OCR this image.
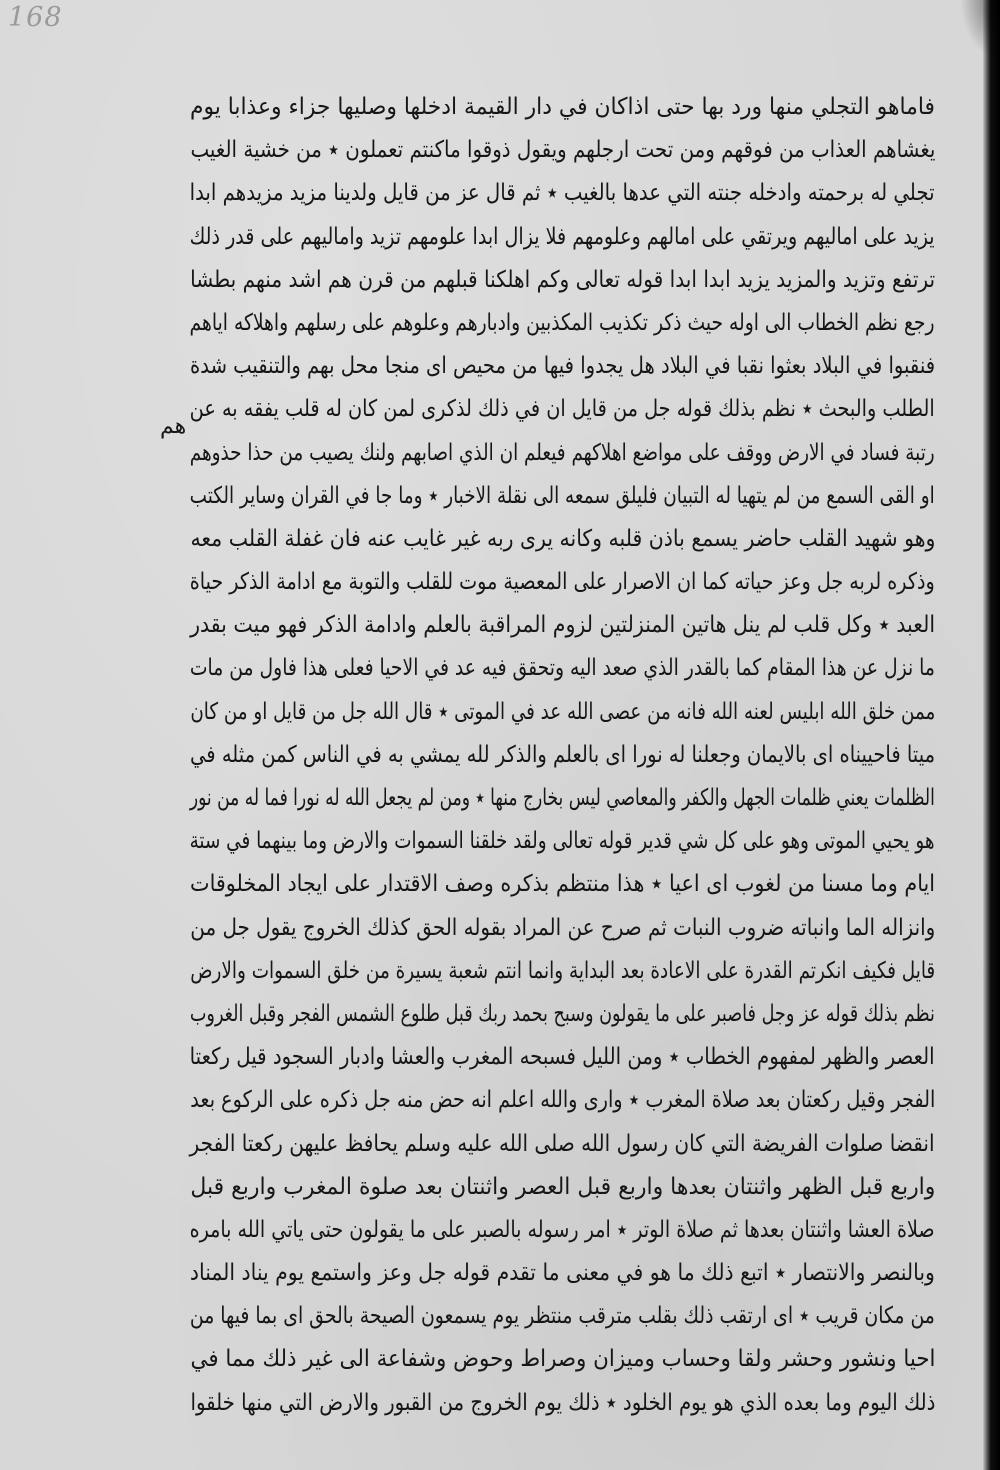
168
هم
فاماهو التجلي منها ورد بها حتى اذاكان في دار القيمة ادخلها وصليها جزاء وعذابا يوم
يغشاهم العذاب من فوقهم ومن تحت ارجلهم ويقول ذوقوا ماكنتم تعملون ٭ من خشية الغيب
تجلي له برحمته وادخله جنته التي عدها بالغيب ٭ ثم قال عز من قايل ولدينا مزيد مزيدهم ابدا
يزيد على اماليهم ويرتقي على امالهم وعلومهم فلا يزال ابدا علومهم تزيد واماليهم على قدر ذلك
ترتفع وتزيد والمزيد يزيد ابدا ابدا قوله تعالى وكم اهلكنا قبلهم من قرن هم اشد منهم بطشا
رجع نظم الخطاب الى اوله حيث ذكر تكذيب المكذبين وادبارهم وعلوهم على رسلهم واهلاكه اياهم
فنقبوا في البلاد بعثوا نقبا في البلاد هل يجدوا فيها من محيص اى منجا محل بهم والتنقيب شدة
الطلب والبحث ٭ نظم بذلك قوله جل من قايل ان في ذلك لذكرى لمن كان له قلب يفقه به عن
رتبة فساد في الارض ووقف على مواضع اهلاكهم فيعلم ان الذي اصابهم ولنك يصيب من حذا حذوهم
او القى السمع من لم يتهيا له التبيان فليلق سمعه الى نقلة الاخبار ٭ وما جا في القران وساير الكتب
وهو شهيد القلب حاضر يسمع باذن قلبه وكانه يرى ربه غير غايب عنه فان غفلة القلب معه
وذكره لربه جل وعز حياته كما ان الاصرار على المعصية موت للقلب والتوبة مع ادامة الذكر حياة
العبد ٭ وكل قلب لم ينل هاتين المنزلتين لزوم المراقبة بالعلم وادامة الذكر فهو ميت بقدر
ما نزل عن هذا المقام كما بالقدر الذي صعد اليه وتحقق فيه عد في الاحيا فعلى هذا فاول من مات
ممن خلق الله ابليس لعنه الله فانه من عصى الله عد في الموتى ٭ قال الله جل من قايل او من كان
ميتا فاحييناه اى بالايمان وجعلنا له نورا اى بالعلم والذكر لله يمشي به في الناس كمن مثله في
الظلمات يعني ظلمات الجهل والكفر والمعاصي ليس بخارج منها ٭ ومن لم يجعل الله له نورا فما له من نور
هو يحيي الموتى وهو على كل شي قدير قوله تعالى ولقد خلقنا السموات والارض وما بينهما في ستة
ايام وما مسنا من لغوب اى اعيا ٭ هذا منتظم بذكره وصف الاقتدار على ايجاد المخلوقات
وانزاله الما وانباته ضروب النبات ثم صرح عن المراد بقوله الحق كذلك الخروج يقول جل من
قايل فكيف انكرتم القدرة على الاعادة بعد البداية وانما انتم شعبة يسيرة من خلق السموات والارض
نظم بذلك قوله عز وجل فاصبر على ما يقولون وسبح بحمد ربك قبل طلوع الشمس الفجر وقبل الغروب
العصر والظهر لمفهوم الخطاب ٭ ومن الليل فسبحه المغرب والعشا وادبار السجود قيل ركعتا
الفجر وقيل ركعتان بعد صلاة المغرب ٭ وارى والله اعلم انه حض منه جل ذكره على الركوع بعد
انقضا صلوات الفريضة التي كان رسول الله صلى الله عليه وسلم يحافظ عليهن ركعتا الفجر
واربع قبل الظهر واثنتان بعدها واربع قبل العصر واثنتان بعد صلوة المغرب واربع قبل
صلاة العشا واثنتان بعدها ثم صلاة الوتر ٭ امر رسوله بالصبر على ما يقولون حتى ياتي الله بامره
وبالنصر والانتصار ٭ اتبع ذلك ما هو في معنى ما تقدم قوله جل وعز واستمع يوم يناد المناد
من مكان قريب ٭ اى ارتقب ذلك بقلب مترقب منتظر يوم يسمعون الصيحة بالحق اى بما فيها من
احيا ونشور وحشر ولقا وحساب وميزان وصراط وحوض وشفاعة الى غير ذلك مما في
ذلك اليوم وما بعده الذي هو يوم الخلود ٭ ذلك يوم الخروج من القبور والارض التي منها خلقوا
